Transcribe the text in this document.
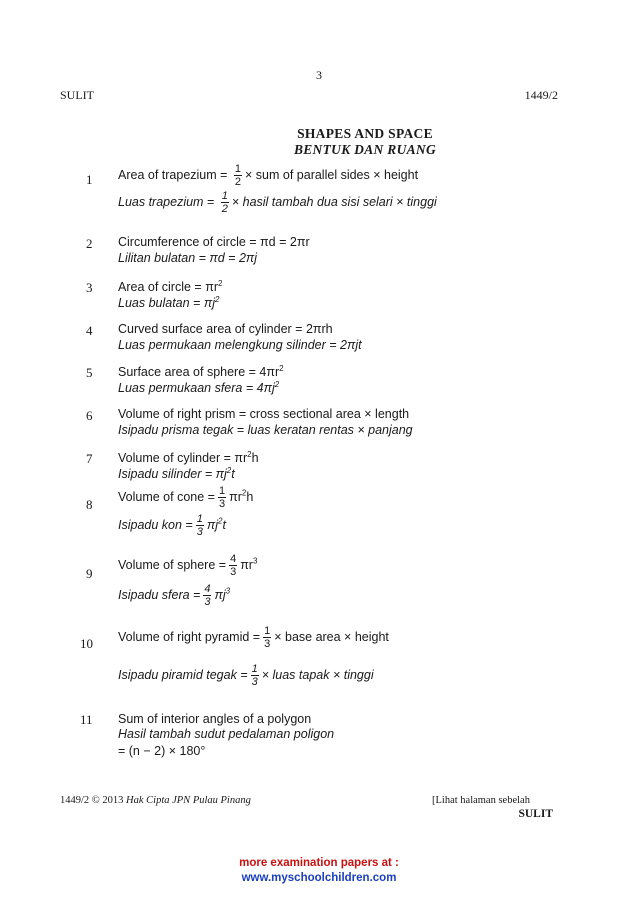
3
SULIT	1449/2
SHAPES AND SPACE
BENTUK DAN RUANG
1	Area of trapezium = $\frac{1}{2}$ × sum of parallel sides × height
Luas trapezium = $\frac{1}{2}$ × hasil tambah dua sisi selari × tinggi
2	Circumference of circle = πd = 2πr
Lilitan bulatan = πd = 2πj
3	Area of circle = $\pi r^2$
Luas bulatan = $\pi j^2$
4	Curved surface area of cylinder = 2πrh
Luas permukaan melengkung silinder = 2πjt
5	Surface area of sphere = $4\pi r^2$
Luas permukaan sfera = $4\pi j^2$
6	Volume of right prism = cross sectional area × length
Isipadu prisma tegak = luas keratan rentas × panjang
7	Volume of cylinder = $\pi r^2h$
Isipadu silinder = $\pi j^2t$
8
Volume of cone = $\frac{1}{3} \pi r^2h$
Isipadu kon = $\frac{1}{3} \pi j^2t$
9
Volume of sphere = $\frac{4}{3} \pi r^3$
Isipadu sfera = $\frac{4}{3} \pi j^3$
10	Volume of right pyramid = $\frac{1}{3}$ × base area × height
Isipadu piramid tegak = $\frac{1}{3}$ × luas tapak × tinggi
11	Sum of interior angles of a polygon
Hasil tambah sudut pedalaman poligon
= (n − 2) × 180°
1449/2 © 2013 Hak Cipta JPN Pulau Pinang	[Lihat halaman sebelah
SULIT
more examination papers at :
www.myschoolchildren.com
